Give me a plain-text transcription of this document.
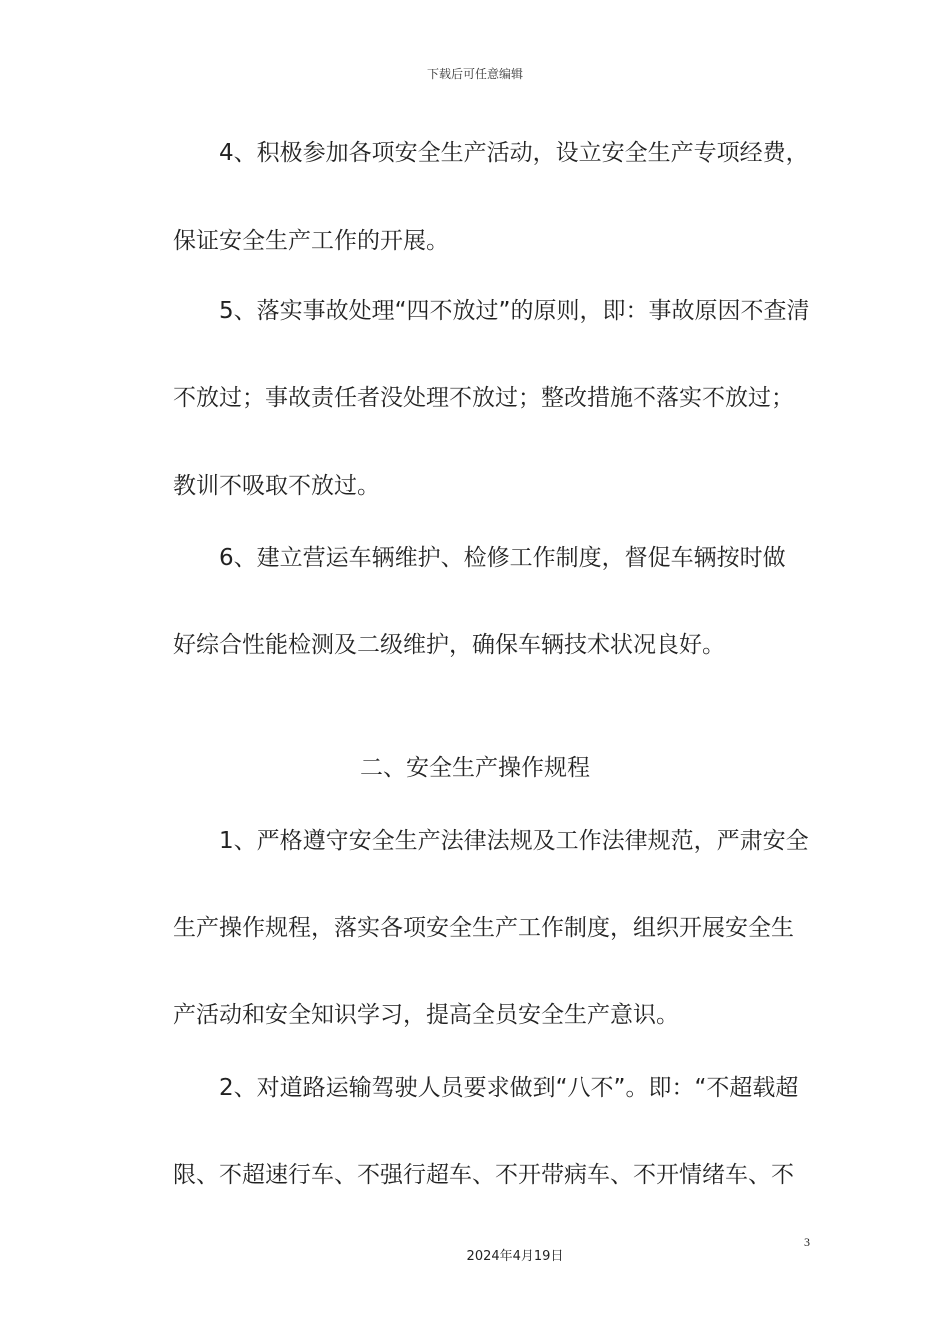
下载后可任意编辑
4、积极参加各项安全生产活动，设立安全生产专项经费，
保证安全生产工作的开展。
5、落实事故处理“四不放过”的原则，即：事故原因不查清
不放过；事故责任者没处理不放过；整改措施不落实不放过；
教训不吸取不放过。
6、建立营运车辆维护、检修工作制度，督促车辆按时做
好综合性能检测及二级维护，确保车辆技术状况良好。
二、安全生产操作规程
1、严格遵守安全生产法律法规及工作法律规范，严肃安全
生产操作规程，落实各项安全生产工作制度，组织开展安全生
产活动和安全知识学习，提高全员安全生产意识。
2、对道路运输驾驶人员要求做到“八不”。即：“不超载超
限、不超速行车、不强行超车、不开带病车、不开情绪车、不
3
2024年4月19日
